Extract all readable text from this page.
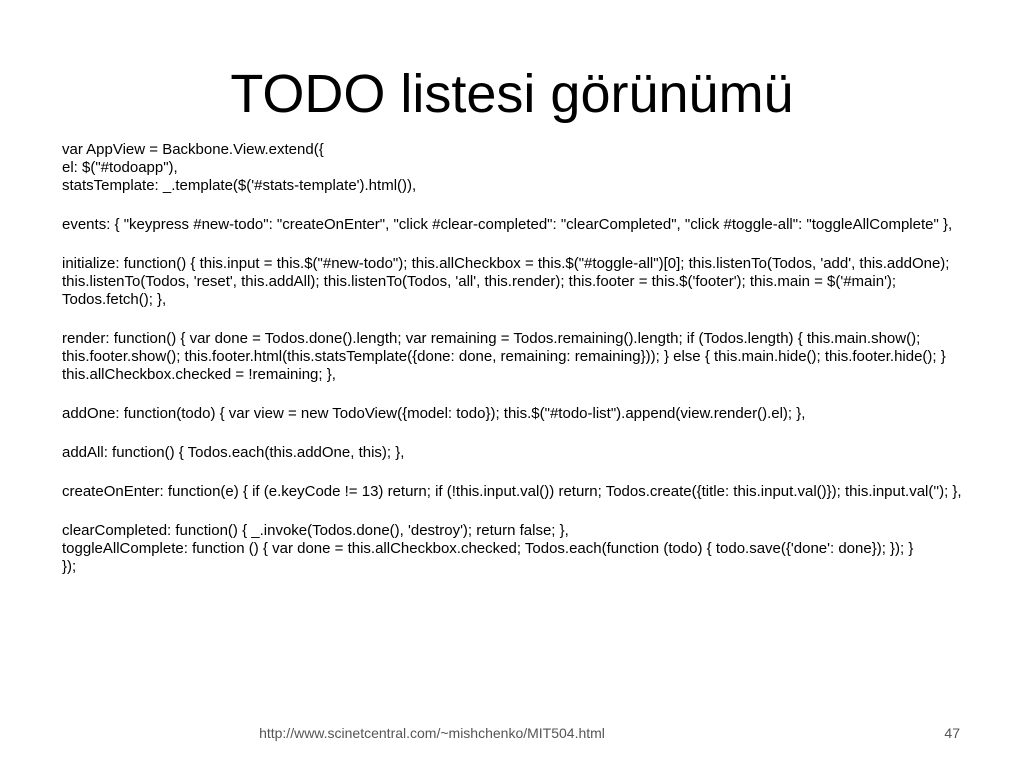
TODO listesi görünümü
var AppView = Backbone.View.extend({
el: $("#todoapp"),
statsTemplate: _.template($('#stats-template').html()),
events: { "keypress #new-todo": "createOnEnter", "click #clear-completed": "clearCompleted", "click #toggle-all": "toggleAllComplete" },
initialize: function() { this.input = this.$("#new-todo"); this.allCheckbox = this.$("#toggle-all")[0]; this.listenTo(Todos, 'add', this.addOne); this.listenTo(Todos, 'reset', this.addAll); this.listenTo(Todos, 'all', this.render); this.footer = this.$('footer'); this.main = $('#main'); Todos.fetch(); },
render: function() { var done = Todos.done().length; var remaining = Todos.remaining().length; if (Todos.length) { this.main.show(); this.footer.show(); this.footer.html(this.statsTemplate({done: done, remaining: remaining})); } else { this.main.hide(); this.footer.hide(); } this.allCheckbox.checked = !remaining; },
addOne: function(todo) { var view = new TodoView({model: todo}); this.$("#todo-list").append(view.render().el); },
addAll: function() { Todos.each(this.addOne, this); },
createOnEnter: function(e) { if (e.keyCode != 13) return; if (!this.input.val()) return; Todos.create({title: this.input.val()}); this.input.val(''); },
clearCompleted: function() { _.invoke(Todos.done(), 'destroy'); return false; },
toggleAllComplete: function () { var done = this.allCheckbox.checked; Todos.each(function (todo) { todo.save({'done': done}); }); }
});
http://www.scinetcentral.com/~mishchenko/MIT504.html	47
